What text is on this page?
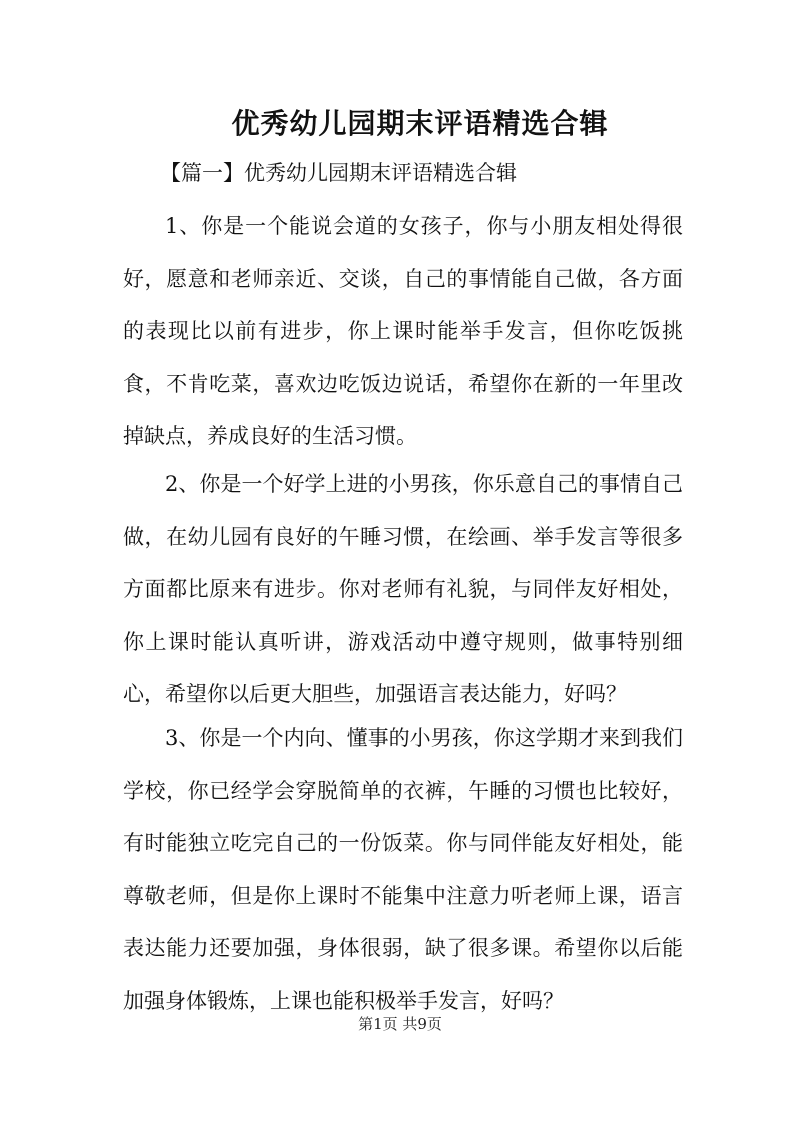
优秀幼儿园期末评语精选合辑
【篇一】优秀幼儿园期末评语精选合辑

1、你是一个能说会道的女孩子，你与小朋友相处得很好，愿意和老师亲近、交谈，自己的事情能自己做，各方面的表现比以前有进步，你上课时能举手发言，但你吃饭挑食，不肯吃菜，喜欢边吃饭边说话，希望你在新的一年里改掉缺点，养成良好的生活习惯。

2、你是一个好学上进的小男孩，你乐意自己的事情自己做，在幼儿园有良好的午睡习惯，在绘画、举手发言等很多方面都比原来有进步。你对老师有礼貌，与同伴友好相处，你上课时能认真听讲，游戏活动中遵守规则，做事特别细心，希望你以后更大胆些，加强语言表达能力，好吗？

3、你是一个内向、懂事的小男孩，你这学期才来到我们学校，你已经学会穿脱简单的衣裤，午睡的习惯也比较好，有时能独立吃完自己的一份饭菜。你与同伴能友好相处，能尊敬老师，但是你上课时不能集中注意力听老师上课，语言表达能力还要加强，身体很弱，缺了很多课。希望你以后能加强身体锻炼，上课也能积极举手发言，好吗？

第1页 共9页
